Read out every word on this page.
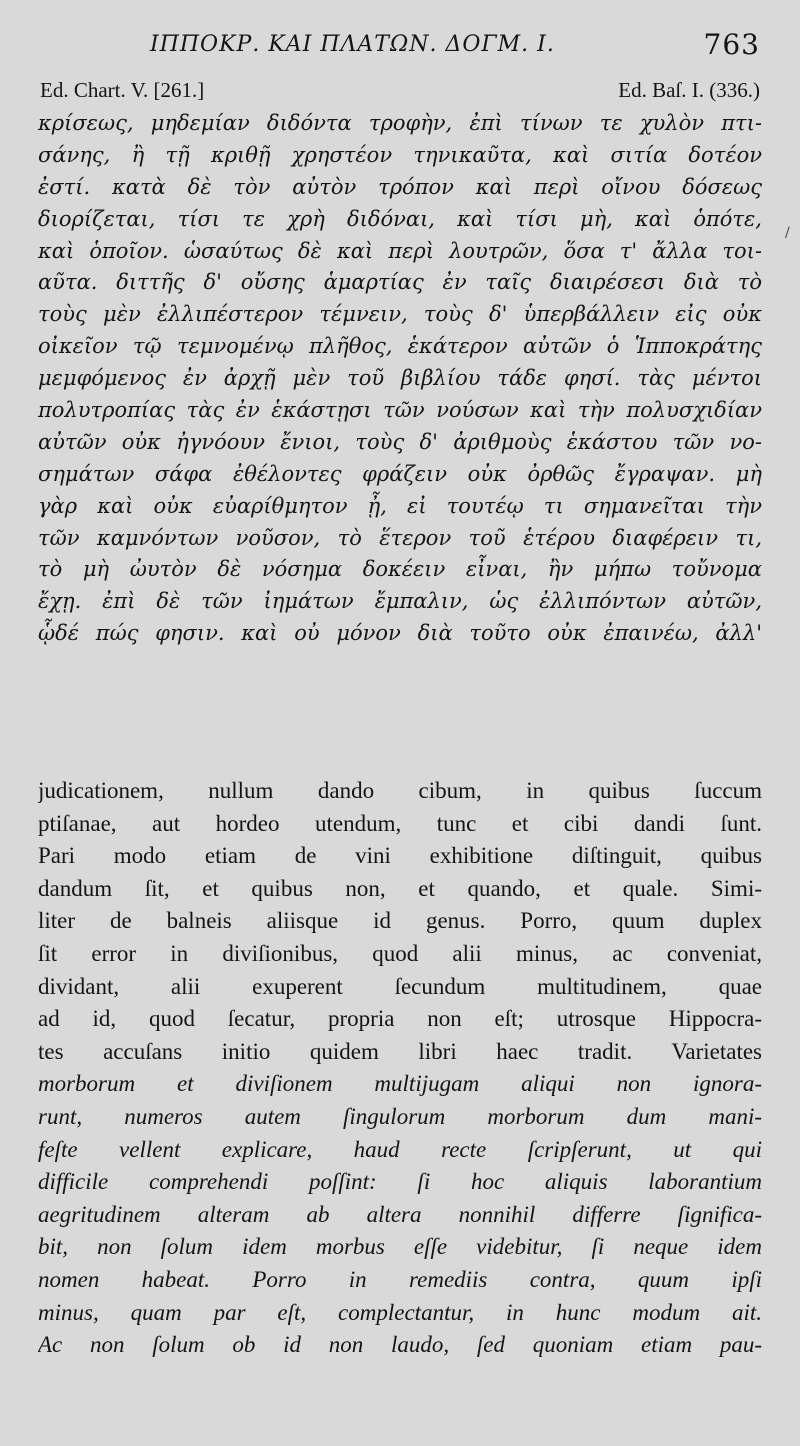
ΙΠΠΟΚΡ. ΚΑΙ ΠΛΑΤΩΝ. ΔΟΓΜ. Ι.	763
Ed. Chart. V. [261.]	Ed. Baſ. I. (336.)
/
κρίσεως, μηδεμίαν διδόντα τροφὴν, ἐπὶ τίνων τε χυλὸν πτι-
σάνης, ἢ τῇ κριθῇ χρηστέον τηνικαῦτα, καὶ σιτία δοτέον
ἐστί. κατὰ δὲ τὸν αὐτὸν τρόπον καὶ περὶ οἴνου δόσεως
διορίζεται, τίσι τε χρὴ διδόναι, καὶ τίσι μὴ, καὶ ὁπότε,
καὶ ὁποῖον. ὡσαύτως δὲ καὶ περὶ λουτρῶν, ὅσα τ' ἄλλα τοι-
αῦτα. διττῆς δ' οὔσης ἁμαρτίας ἐν ταῖς διαιρέσεσι διὰ τὸ
τοὺς μὲν ἐλλιπέστερον τέμνειν, τοὺς δ' ὑπερβάλλειν εἰς οὐκ
οἰκεῖον τῷ τεμνομένῳ πλῆθος, ἑκάτερον αὐτῶν ὁ Ἱπποκράτης
μεμφόμενος ἐν ἀρχῇ μὲν τοῦ βιβλίου τάδε φησί. τὰς μέντοι
πολυτροπίας τὰς ἐν ἑκάστῃσι τῶν νούσων καὶ τὴν πολυσχιδίαν
αὐτῶν οὐκ ἠγνόουν ἔνιοι, τοὺς δ' ἀριθμοὺς ἑκάστου τῶν νο-
σημάτων σάφα ἐθέλοντες φράζειν οὐκ ὀρθῶς ἔγραψαν. μὴ
γὰρ καὶ οὐκ εὐαρίθμητον ᾖ, εἰ τουτέῳ τι σημανεῖται τὴν
τῶν καμνόντων νοῦσον, τὸ ἕτερον τοῦ ἑτέρου διαφέρειν τι,
τὸ μὴ ὠυτὸν δὲ νόσημα δοκέειν εἶναι, ἢν μήπω τοὔνομα
ἔχῃ. ἐπὶ δὲ τῶν ἰημάτων ἔμπαλιν, ὡς ἐλλιπόντων αὐτῶν,
ᾧδέ πώς φησιν. καὶ οὐ μόνον διὰ τοῦτο οὐκ ἐπαινέω, ἀλλ'
judicationem, nullum dando cibum, in quibus ſuccum
ptiſanae, aut hordeo utendum, tunc et cibi dandi ſunt.
Pari modo etiam de vini exhibitione diſtinguit, quibus
dandum ſit, et quibus non, et quando, et quale. Simi-
liter de balneis aliisque id genus. Porro, quum duplex
ſit error in diviſionibus, quod alii minus, ac conveniat,
dividant, alii exuperent ſecundum multitudinem, quae
ad id, quod ſecatur, propria non eſt; utrosque Hippocra-
tes accuſans initio quidem libri haec tradit. Varietates
morborum et diviſionem multijugam aliqui non ignora-
runt, numeros autem ſingulorum morborum dum mani-
feſte vellent explicare, haud recte ſcripſerunt, ut qui
difficile comprehendi poſſint: ſi hoc aliquis laborantium
aegritudinem alteram ab altera nonnihil differre ſignifica-
bit, non ſolum idem morbus eſſe videbitur, ſi neque idem
nomen habeat. Porro in remediis contra, quum ipſi
minus, quam par eſt, complectantur, in hunc modum ait.
Ac non ſolum ob id non laudo, ſed quoniam etiam pau-
